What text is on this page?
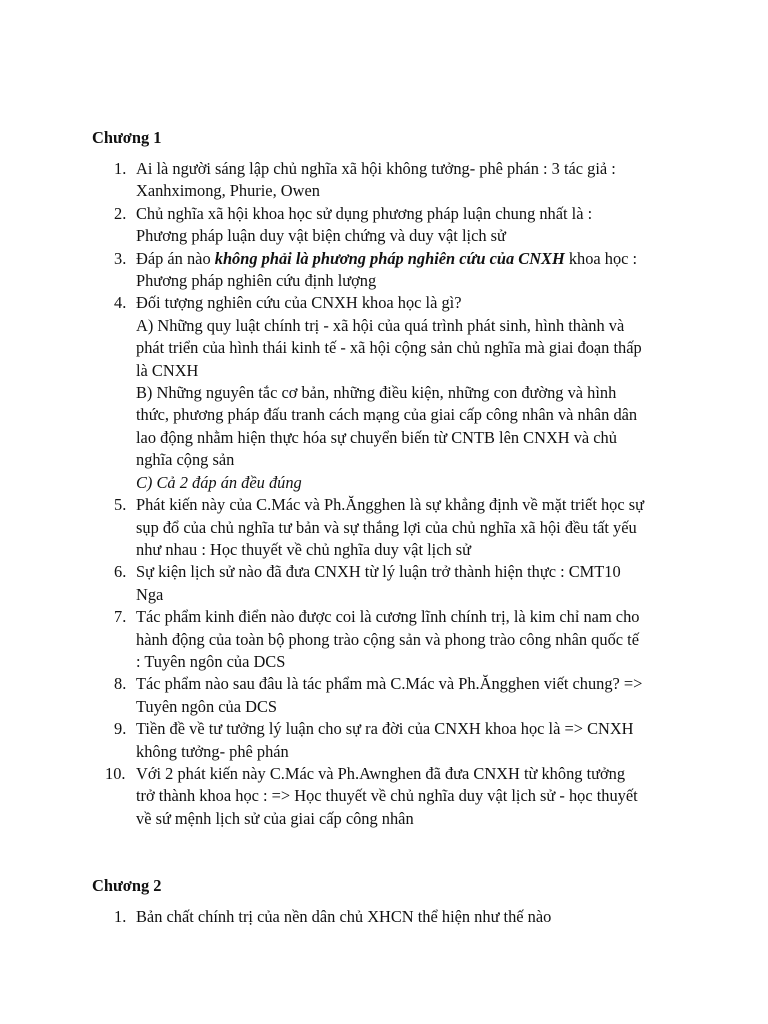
Chương 1
1. Ai là người sáng lập chủ nghĩa xã hội không tưởng- phê phán : 3 tác giả :
Xanhximong, Phurie, Owen
2. Chủ nghĩa xã hội khoa học sử dụng phương pháp luận chung nhất là :
Phương pháp luận duy vật biện chứng và duy vật lịch sử
3. Đáp án nào không phải là phương pháp nghiên cứu của CNXH khoa học :
Phương pháp nghiên cứu định lượng
4. Đối tượng nghiên cứu của CNXH khoa học là gì?
A) Những quy luật chính trị - xã hội của quá trình phát sinh, hình thành và
phát triển của hình thái kinh tế - xã hội cộng sản chủ nghĩa mà giai đoạn thấp
là CNXH
B) Những nguyên tắc cơ bản, những điều kiện, những con đường và hình
thức, phương pháp đấu tranh cách mạng của giai cấp công nhân và nhân dân
lao động nhằm hiện thực hóa sự chuyển biến từ CNTB lên CNXH và chủ
nghĩa cộng sản
C) Cả 2 đáp án đều đúng
5. Phát kiến này của C.Mác và Ph.Ăngghen là sự khẳng định về mặt triết học sự
sụp đổ của chủ nghĩa tư bản và sự thắng lợi của chủ nghĩa xã hội đều tất yếu
như nhau : Học thuyết về chủ nghĩa duy vật lịch sử
6. Sự kiện lịch sử nào đã đưa CNXH từ lý luận trở thành hiện thực : CMT10
Nga
7. Tác phẩm kinh điển nào được coi là cương lĩnh chính trị, là kim chỉ nam cho
hành động của toàn bộ phong trào cộng sản và phong trào công nhân quốc tế
: Tuyên ngôn của DCS
8. Tác phẩm nào sau đâu là tác phẩm mà C.Mác và Ph.Ăngghen viết chung? =>
Tuyên ngôn của DCS
9. Tiền đề về tư tưởng lý luận cho sự ra đời của CNXH khoa học là => CNXH
không tưởng- phê phán
10. Với 2 phát kiến này C.Mác và Ph.Awnghen đã đưa CNXH từ không tưởng
trở thành khoa học : => Học thuyết về chủ nghĩa duy vật lịch sử - học thuyết
về sứ mệnh lịch sử của giai cấp công nhân
Chương 2
1. Bản chất chính trị của nền dân chủ XHCN thể hiện như thế nào
